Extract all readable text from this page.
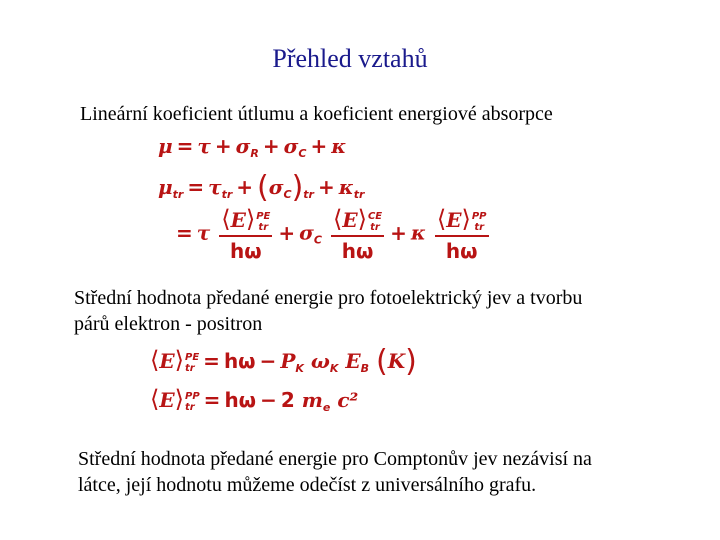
Přehled vztahů
Lineární koeficient útlumu a koeficient energiové absorpce
$\mu = \tau + \sigma_R + \sigma_C + \kappa$
$\mu_{tr} = \tau_{tr} + (\sigma_C)_{tr} + \kappa_{tr}$
= τ ⟨E⟩ PE
tr
$h\omega + \sigma_C$ ⟨E⟩ CE
tr
hω + κ ⟨E⟩ PP
tr
hω
Střední hodnota předané energie pro fotoelektrický jev a tvorbu
párů elektron - positron
⟨E⟩ PE
tr = $h\omega - P_K$ $\omega_K$ $E_B$ (K)
⟨E⟩ PP
tr = hω − 2 $m_e$ c²
Střední hodnota předané energie pro Comptonův jev nezávisí na
látce, její hodnotu můžeme odečíst z universálního grafu.
